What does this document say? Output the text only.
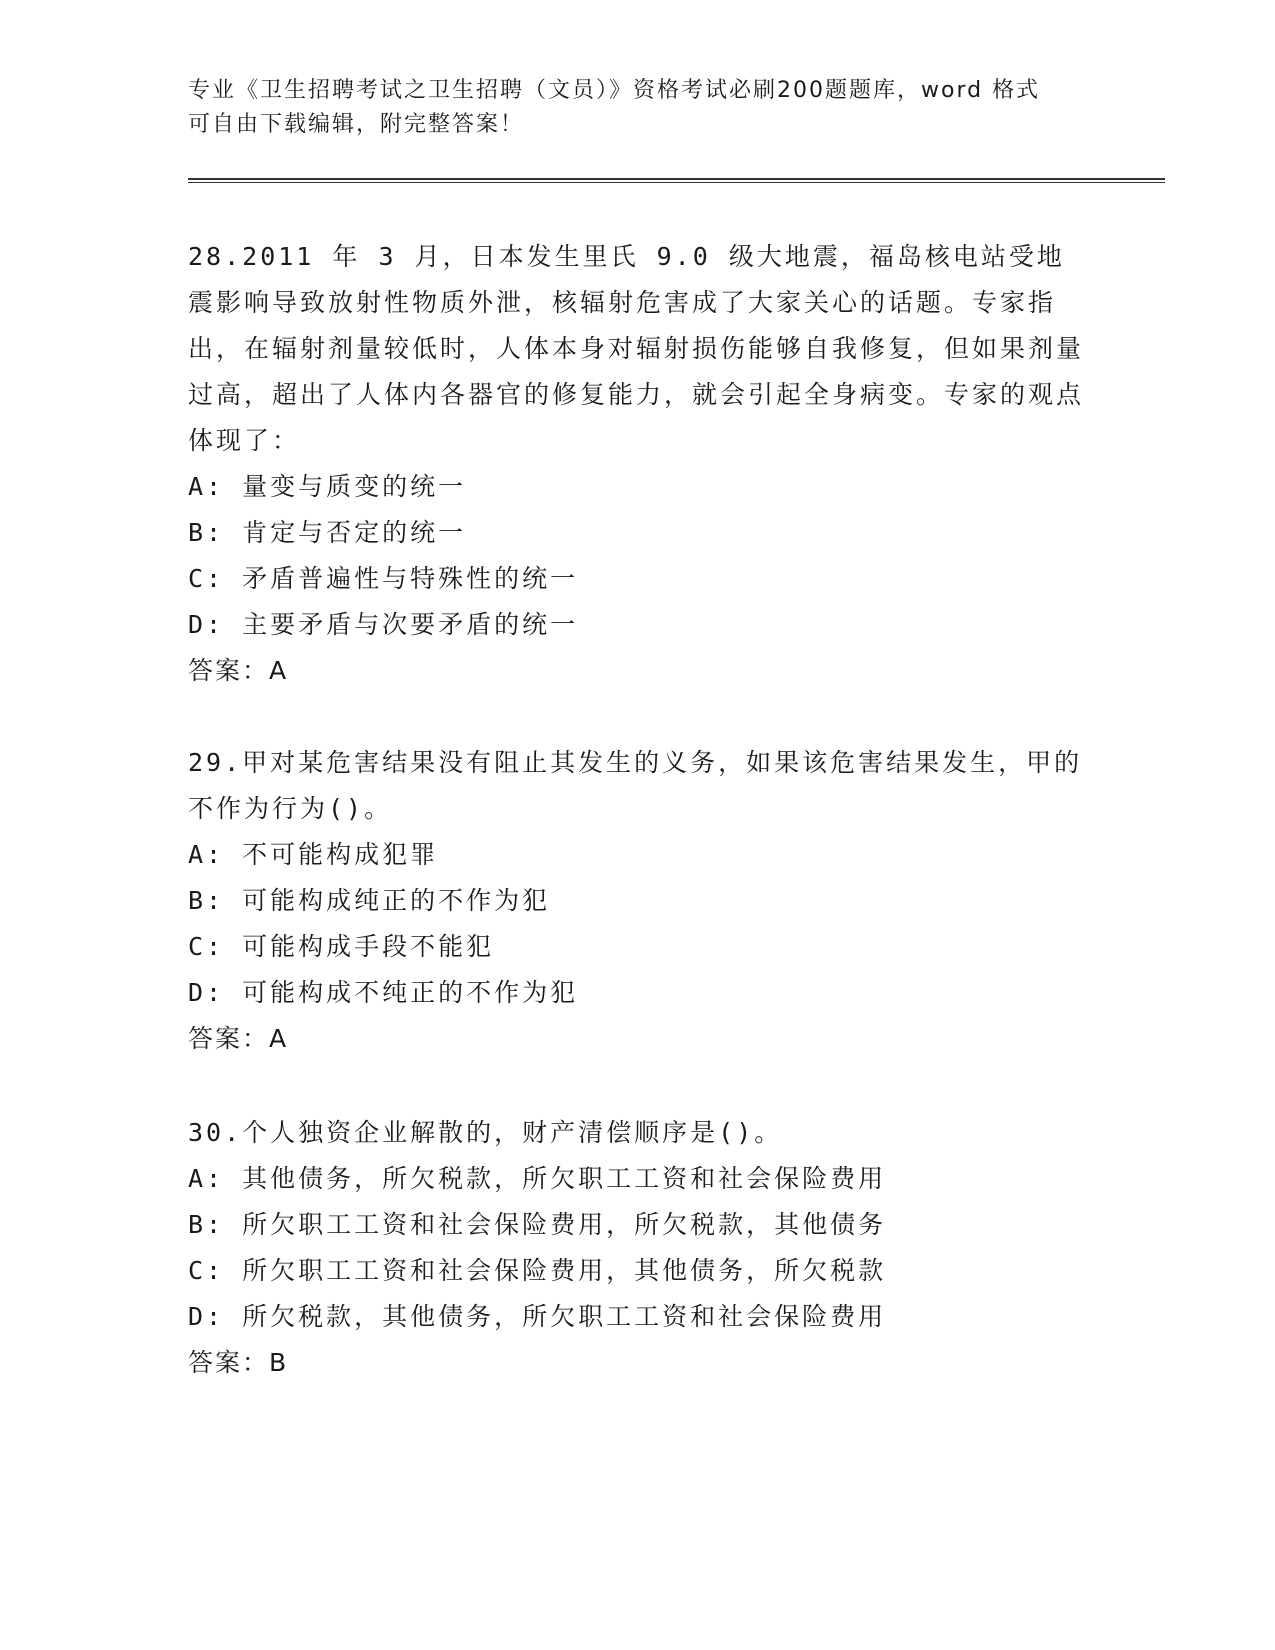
专业《卫生招聘考试之卫生招聘（文员）》资格考试必刷200题题库，word 格式
可自由下载编辑，附完整答案！

28.2011 年 3 月，日本发生里氏 9.0 级大地震，福岛核电站受地震影响导致放射性物质外泄，核辐射危害成了大家关心的话题。专家指出，在辐射剂量较低时，人体本身对辐射损伤能够自我修复，但如果剂量过高，超出了人体内各器官的修复能力，就会引起全身病变。专家的观点体现了：

A: 量变与质变的统一

B: 肯定与否定的统一

C: 矛盾普遍性与特殊性的统一

D: 主要矛盾与次要矛盾的统一

答案：A

29.甲对某危害结果没有阻止其发生的义务，如果该危害结果发生，甲的不作为行为()。

A: 不可能构成犯罪

B: 可能构成纯正的不作为犯

C: 可能构成手段不能犯

D: 可能构成不纯正的不作为犯

答案：A

30.个人独资企业解散的，财产清偿顺序是()。

A: 其他债务，所欠税款，所欠职工工资和社会保险费用

B: 所欠职工工资和社会保险费用，所欠税款，其他债务

C: 所欠职工工资和社会保险费用，其他债务，所欠税款

D: 所欠税款，其他债务，所欠职工工资和社会保险费用

答案：B
